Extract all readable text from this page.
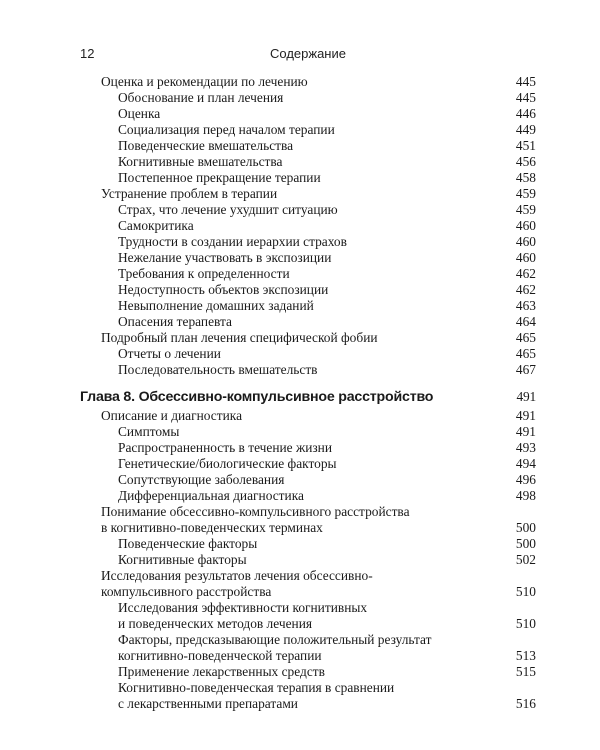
12	Содержание
Оценка и рекомендации по лечению	445
Обоснование и план лечения	445
Оценка	446
Социализация перед началом терапии	449
Поведенческие вмешательства	451
Когнитивные вмешательства	456
Постепенное прекращение терапии	458
Устранение проблем в терапии	459
Страх, что лечение ухудшит ситуацию	459
Самокритика	460
Трудности в создании иерархии страхов	460
Нежелание участвовать в экспозиции	460
Требования к определенности	462
Недоступность объектов экспозиции	462
Невыполнение домашних заданий	463
Опасения терапевта	464
Подробный план лечения специфической фобии	465
Отчеты о лечении	465
Последовательность вмешательств	467
Глава 8. Обсессивно-компульсивное расстройство	491
Описание и диагностика	491
Симптомы	491
Распространенность в течение жизни	493
Генетические/биологические факторы	494
Сопутствующие заболевания	496
Дифференциальная диагностика	498
Понимание обсессивно-компульсивного расстройства
в когнитивно-поведенческих терминах	500
Поведенческие факторы	500
Когнитивные факторы	502
Исследования результатов лечения обсессивно-
компульсивного расстройства	510
Исследования эффективности когнитивных
и поведенческих методов лечения	510
Факторы, предсказывающие положительный результат
когнитивно-поведенческой терапии	513
Применение лекарственных средств	515
Когнитивно-поведенческая терапия в сравнении
с лекарственными препаратами	516
